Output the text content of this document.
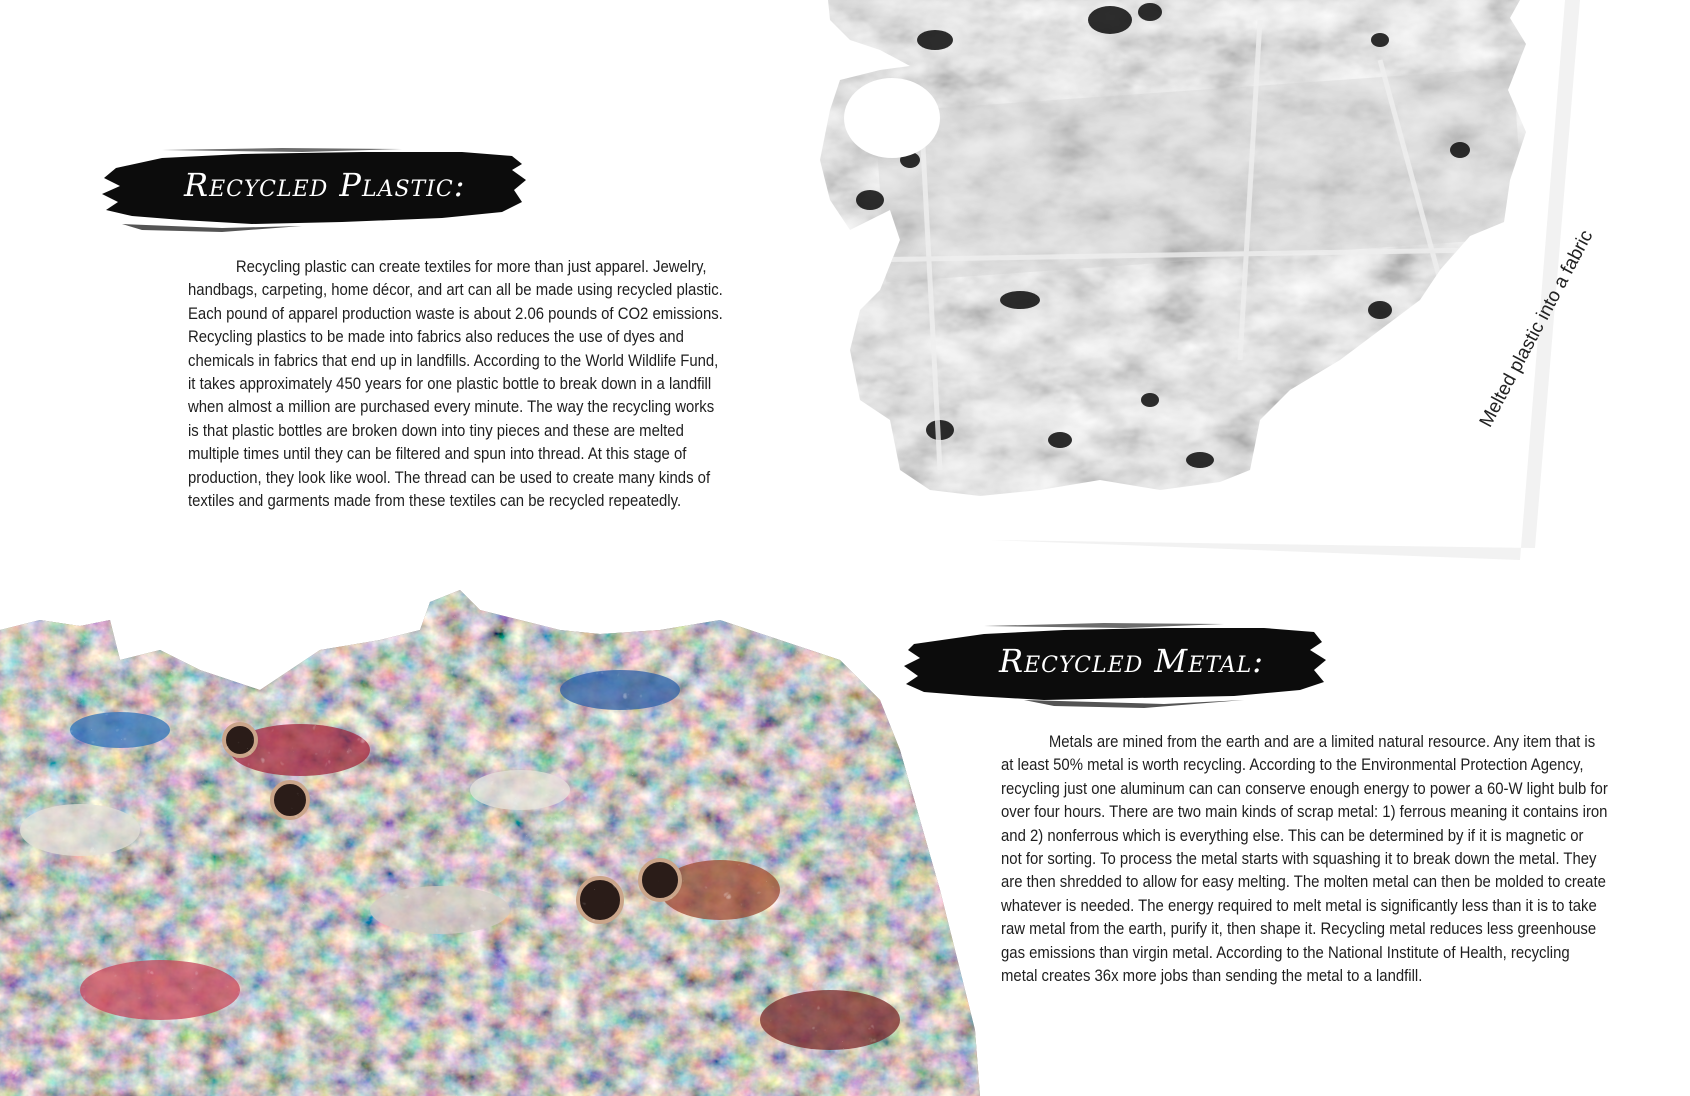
Melted plastic into a fabric
Recycled Plastic:

Recycling plastic can create textiles for more than just apparel. Jewelry, handbags, carpeting, home décor, and art can all be made using recycled plastic. Each pound of apparel production waste is about 2.06 pounds of CO2 emissions. Recycling plastics to be made into fabrics also reduces the use of dyes and chemicals in fabrics that end up in landfills. According to the World Wildlife Fund, it takes approximately 450 years for one plastic bottle to break down in a landfill when almost a million are purchased every minute. The way the recycling works is that plastic bottles are broken down into tiny pieces and these are melted multiple times until they can be filtered and spun into thread. At this stage of production, they look like wool. The thread can be used to create many kinds of textiles and garments made from these textiles can be recycled repeatedly.

Recycled Metal:

Metals are mined from the earth and are a limited natural resource. Any item that is at least 50% metal is worth recycling. According to the Environmental Protection Agency, recycling just one aluminum can can conserve enough energy to power a 60-W light bulb for over four hours. There are two main kinds of scrap metal: 1) ferrous meaning it contains iron and 2) nonferrous which is everything else. This can be determined by if it is magnetic or not for sorting. To process the metal starts with squashing it to break down the metal. They are then shredded to allow for easy melting. The molten metal can then be molded to create whatever is needed. The energy required to melt metal is significantly less than it is to take raw metal from the earth, purify it, then shape it. Recycling metal reduces less greenhouse gas emissions than virgin metal. According to the National Institute of Health, recycling metal creates 36x more jobs than sending the metal to a landfill.
